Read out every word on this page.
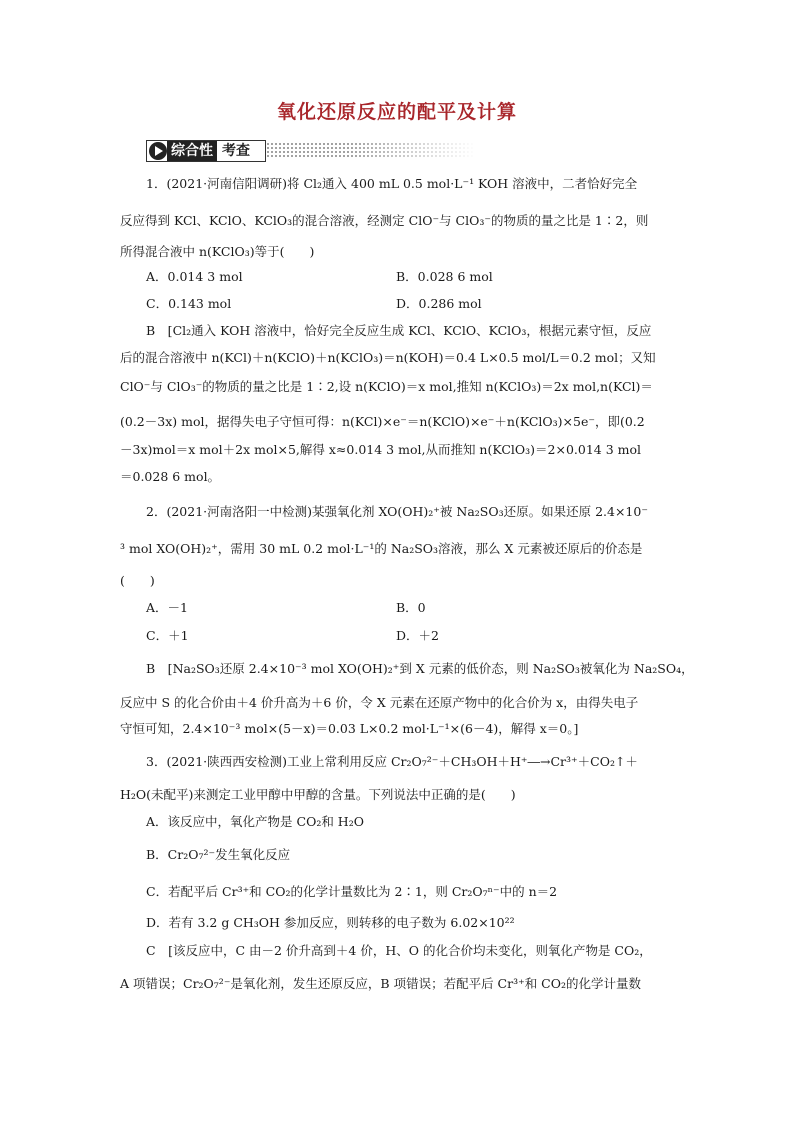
氧化还原反应的配平及计算
综合性 考查
1．(2021·河南信阳调研)将 Cl₂通入 400 mL 0.5 mol·L⁻¹ KOH 溶液中，二者恰好完全
反应得到 KCl、KClO、KClO₃的混合溶液，经测定 ClO⁻与 ClO₃⁻的物质的量之比是 1∶2，则
所得混合液中 n(KClO₃)等于(　　)
A．0.014 3 mol	B．0.028 6 mol
C．0.143 mol	D．0.286 mol
B　[Cl₂通入 KOH 溶液中，恰好完全反应生成 KCl、KClO、KClO₃，根据元素守恒，反应
后的混合溶液中 n(KCl)＋n(KClO)＋n(KClO₃)＝n(KOH)＝0.4 L×0.5 mol/L＝0.2 mol；又知
ClO⁻与 ClO₃⁻的物质的量之比是 1∶2,设 n(KClO)＝x mol,推知 n(KClO₃)＝2x mol,n(KCl)＝
(0.2－3x) mol，据得失电子守恒可得：n(KCl)×e⁻＝n(KClO)×e⁻＋n(KClO₃)×5e⁻，即(0.2
－3x)mol＝x mol＋2x mol×5,解得 x≈0.014 3 mol,从而推知 n(KClO₃)＝2×0.014 3 mol
＝0.028 6 mol。
2．(2021·河南洛阳一中检测)某强氧化剂 XO(OH)₂⁺被 Na₂SO₃还原。如果还原 2.4×10⁻
³ mol XO(OH)₂⁺，需用 30 mL 0.2 mol·L⁻¹的 Na₂SO₃溶液，那么 X 元素被还原后的价态是
(　　)
A．－1	B．0
C．＋1	D．＋2
B　[Na₂SO₃还原 2.4×10⁻³ mol XO(OH)₂⁺到 X 元素的低价态，则 Na₂SO₃被氧化为 Na₂SO₄，
反应中 S 的化合价由＋4 价升高为＋6 价，令 X 元素在还原产物中的化合价为 x，由得失电子
守恒可知，2.4×10⁻³ mol×(5－x)＝0.03 L×0.2 mol·L⁻¹×(6－4)，解得 x＝0。]
3．(2021·陕西西安检测)工业上常利用反应 Cr₂O₇²⁻＋CH₃OH＋H⁺―→Cr³⁺＋CO₂↑＋
H₂O(未配平)来测定工业甲醇中甲醇的含量。下列说法中正确的是(　　)
A．该反应中，氧化产物是 CO₂和 H₂O
B．Cr₂O₇²⁻发生氧化反应
C．若配平后 Cr³⁺和 CO₂的化学计量数比为 2∶1，则 Cr₂O₇ⁿ⁻中的 n＝2
D．若有 3.2 g CH₃OH 参加反应，则转移的电子数为 6.02×10²²
C　[该反应中，C 由－2 价升高到＋4 价，H、O 的化合价均未变化，则氧化产物是 CO₂，
A 项错误；Cr₂O₇²⁻是氧化剂，发生还原反应，B 项错误；若配平后 Cr³⁺和 CO₂的化学计量数
